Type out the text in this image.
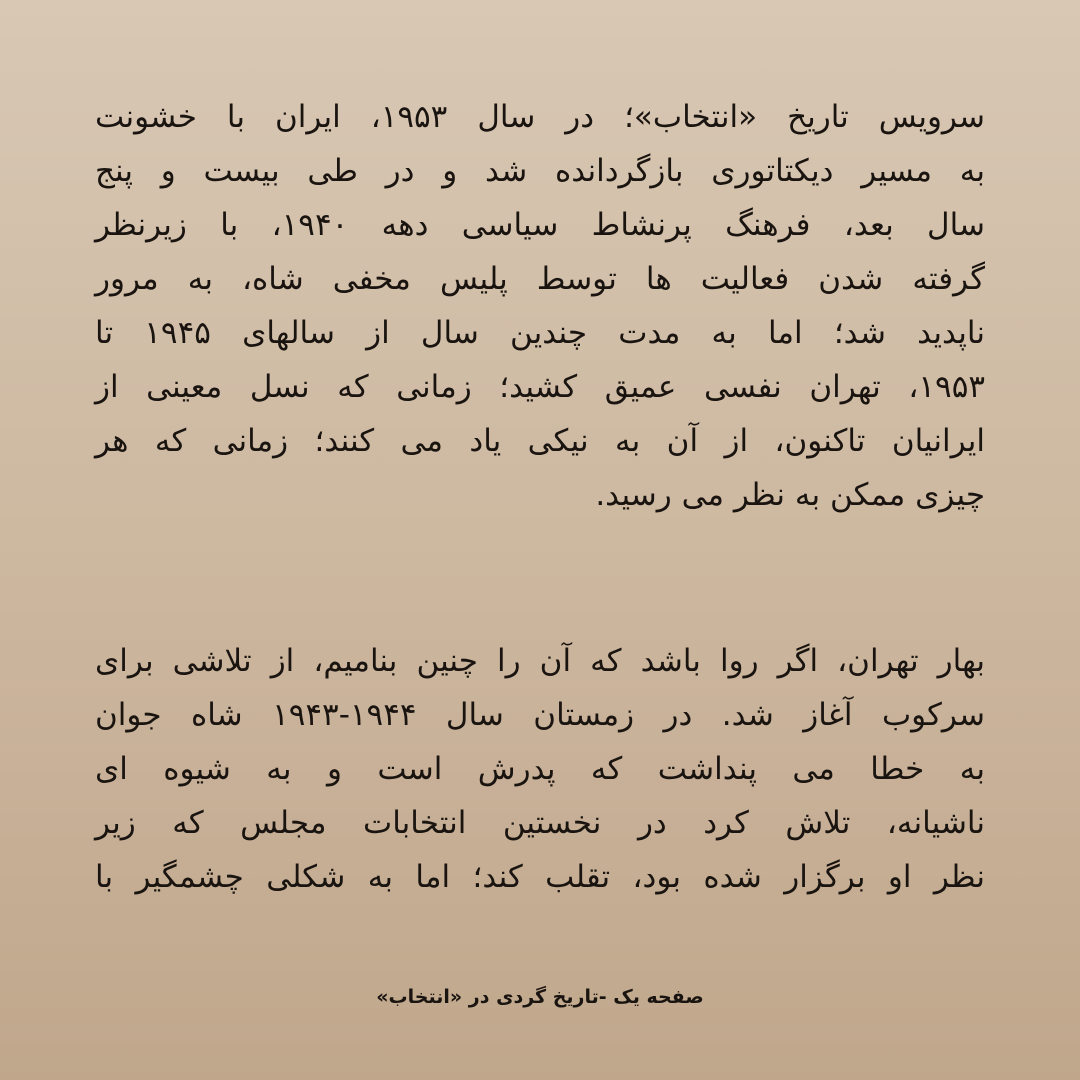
سرویس تاریخ «انتخاب»؛ در سال ۱۹۵۳، ایران با خشونت
به مسیر دیکتاتوری بازگردانده شد و در طی بیست و پنج
سال بعد، فرهنگ پرنشاط سیاسی دهه ۱۹۴۰، با زیرنظر
گرفته شدن فعالیت ها توسط پلیس مخفی شاه، به مرور
ناپدید شد؛ اما به مدت چندین سال از سالهای ۱۹۴۵ تا
۱۹۵۳، تهران نفسی عمیق کشید؛ زمانی که نسل معینی از
ایرانیان تاکنون، از آن به نیکی یاد می کنند؛ زمانی که هر
چیزی ممکن به نظر می رسید.
بهار تهران، اگر روا باشد که آن را چنین بنامیم، از تلاشی برای
سرکوب آغاز شد. در زمستان سال ۱۹۴۴-۱۹۴۳ شاه جوان
به خطا می پنداشت که پدرش است و به شیوه ای
ناشیانه، تلاش کرد در نخستین انتخابات مجلس که زیر
نظر او برگزار شده بود، تقلب کند؛ اما به شکلی چشمگیر با
صفحه یک -تاریخ گردی در «انتخاب»
